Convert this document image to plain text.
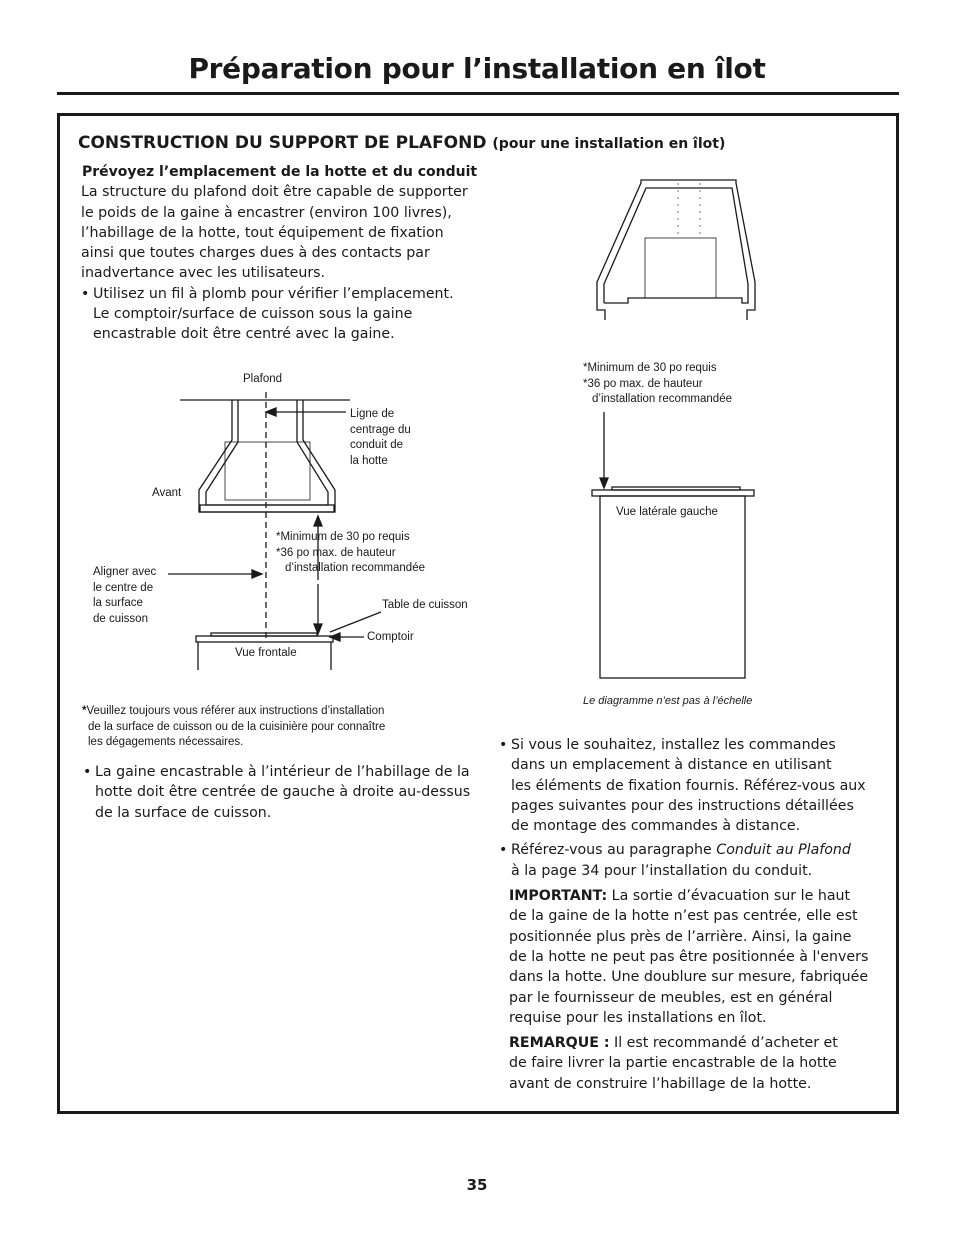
Préparation pour l’installation en îlot
CONSTRUCTION DU SUPPORT DE PLAFOND (pour une installation en îlot)

Prévoyez l’emplacement de la hotte et du conduit

La structure du plafond doit être capable de supporter

le poids de la gaine à encastrer (environ 100 livres),

l’habillage de la hotte, tout équipement de fixation

ainsi que toutes charges dues à des contacts par

inadvertance avec les utilisateurs.

• Utilisez un fil à plomb pour vérifier l’emplacement.

Le comptoir/surface de cuisson sous la gaine

encastrable doit être centré avec la gaine.

Plafond
Ligne de
centrage du
conduit de
la hotte
Avant
*Minimum de 30 po requis
*36 po max. de hauteur
d’installation recommandée
Aligner avec
le centre de
la surface
de cuisson
Table de cuisson
Comptoir
Vue frontale
*Minimum de 30 po requis
*36 po max. de hauteur
d’installation recommandée
Vue latérale gauche
Le diagramme n’est pas à l’échelle
*Veuillez toujours vous référer aux instructions d’installation
de la surface de cuisson ou de la cuisinière pour connaître
les dégagements nécessaires.
• La gaine encastrable à l’intérieur de l’habillage de la

hotte doit être centrée de gauche à droite au-dessus

de la surface de cuisson.

• Si vous le souhaitez, installez les commandes

dans un emplacement à distance en utilisant

les éléments de fixation fournis. Référez-vous aux

pages suivantes pour des instructions détaillées

de montage des commandes à distance.

• Référez-vous au paragraphe Conduit au Plafond

à la page 34 pour l’installation du conduit.

IMPORTANT: La sortie d’évacuation sur le haut

de la gaine de la hotte n’est pas centrée, elle est

positionnée plus près de l’arrière. Ainsi, la gaine

de la hotte ne peut pas être positionnée à l'envers

dans la hotte. Une doublure sur mesure, fabriquée

par le fournisseur de meubles, est en général

requise pour les installations en îlot.

REMARQUE : Il est recommandé d’acheter et

de faire livrer la partie encastrable de la hotte

avant de construire l’habillage de la hotte.

35
